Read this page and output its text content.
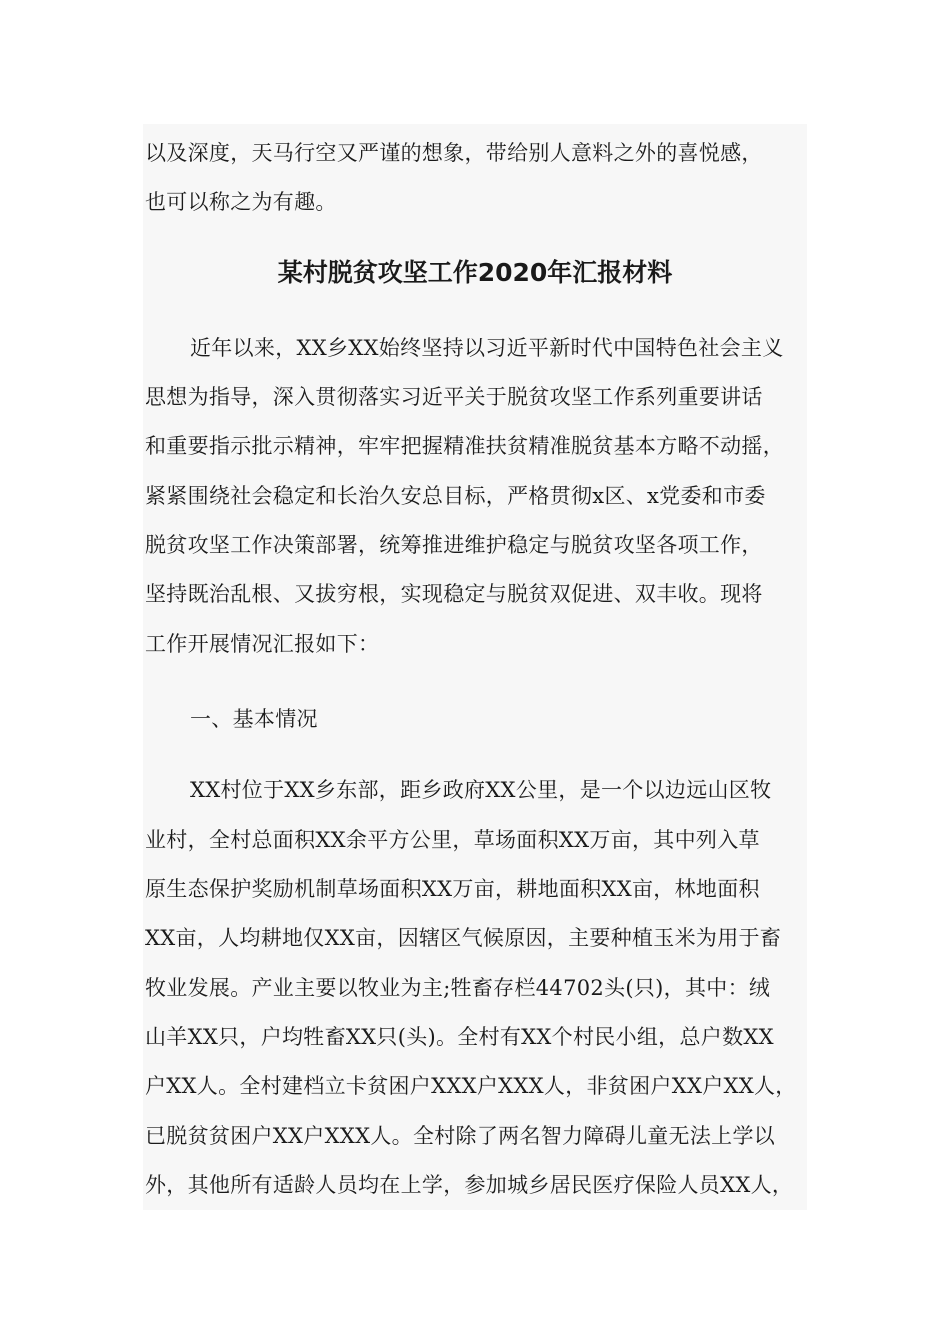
以及深度，天马行空又严谨的想象，带给别人意料之外的喜悦感，
也可以称之为有趣。
某村脱贫攻坚工作2020年汇报材料
近年以来，XX乡XX始终坚持以习近平新时代中国特色社会主义
思想为指导，深入贯彻落实习近平关于脱贫攻坚工作系列重要讲话
和重要指示批示精神，牢牢把握精准扶贫精准脱贫基本方略不动摇，
紧紧围绕社会稳定和长治久安总目标，严格贯彻x区、x党委和市委
脱贫攻坚工作决策部署，统筹推进维护稳定与脱贫攻坚各项工作，
坚持既治乱根、又拔穷根，实现稳定与脱贫双促进、双丰收。现将
工作开展情况汇报如下：
一、基本情况
XX村位于XX乡东部，距乡政府XX公里，是一个以边远山区牧
业村，全村总面积XX余平方公里，草场面积XX万亩，其中列入草
原生态保护奖励机制草场面积XX万亩，耕地面积XX亩，林地面积
XX亩，人均耕地仅XX亩，因辖区气候原因，主要种植玉米为用于畜
牧业发展。产业主要以牧业为主;牲畜存栏44702头(只)，其中：绒
山羊XX只，户均牲畜XX只(头)。全村有XX个村民小组，总户数XX
户XX人。全村建档立卡贫困户XXX户XXX人，非贫困户XX户XX人，
已脱贫贫困户XX户XXX人。全村除了两名智力障碍儿童无法上学以
外，其他所有适龄人员均在上学，参加城乡居民医疗保险人员XX人，
